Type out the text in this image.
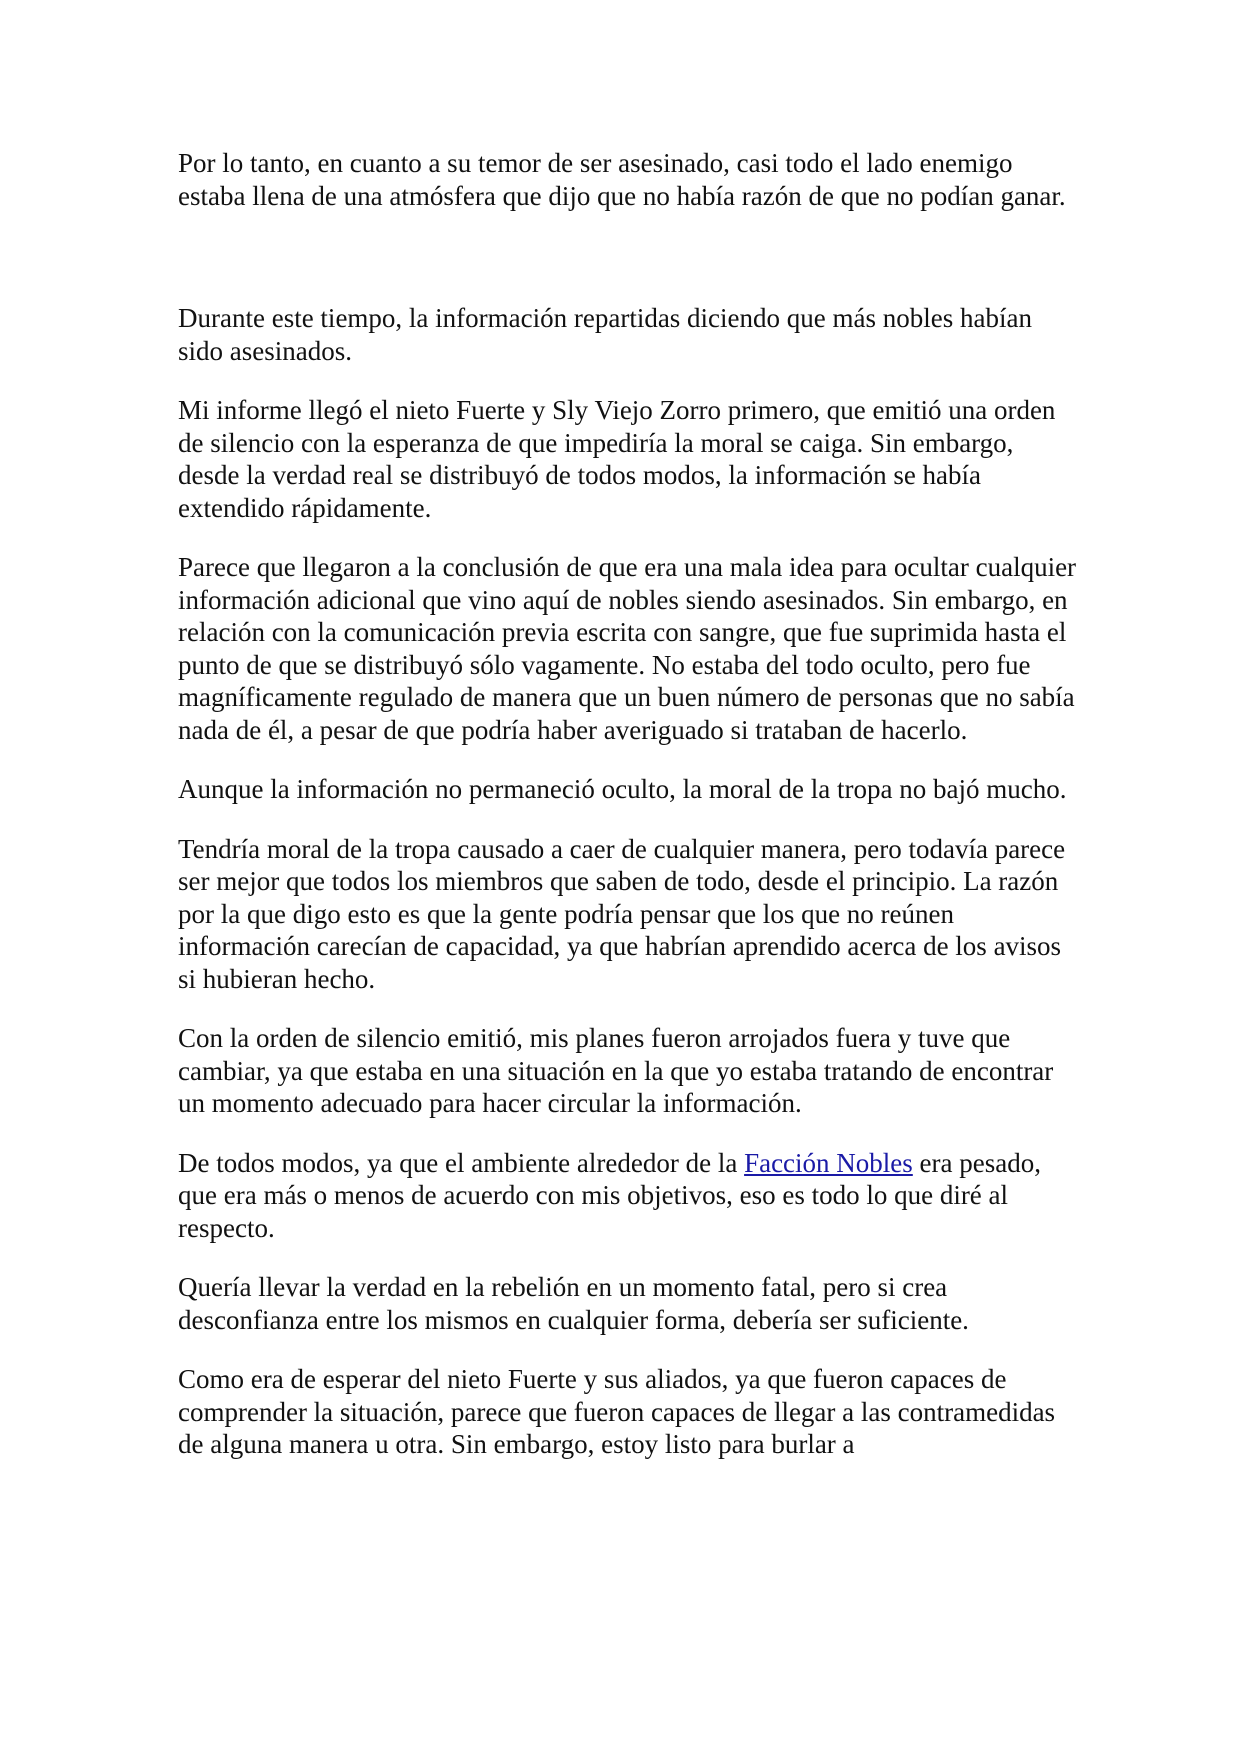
Por lo tanto, en cuanto a su temor de ser asesinado, casi todo el lado enemigo estaba llena de una atmósfera que dijo que no había razón de que no podían ganar.

Durante este tiempo, la información repartidas diciendo que más nobles habían sido asesinados.

Mi informe llegó el nieto Fuerte y Sly Viejo Zorro primero, que emitió una orden de silencio con la esperanza de que impediría la moral se caiga. Sin embargo, desde la verdad real se distribuyó de todos modos, la información se había extendido rápidamente.

Parece que llegaron a la conclusión de que era una mala idea para ocultar cualquier información adicional que vino aquí de nobles siendo asesinados. Sin embargo, en relación con la comunicación previa escrita con sangre, que fue suprimida hasta el punto de que se distribuyó sólo vagamente. No estaba del todo oculto, pero fue magníficamente regulado de manera que un buen número de personas que no sabía nada de él, a pesar de que podría haber averiguado si trataban de hacerlo.

Aunque la información no permaneció oculto, la moral de la tropa no bajó mucho.

Tendría moral de la tropa causado a caer de cualquier manera, pero todavía parece ser mejor que todos los miembros que saben de todo, desde el principio. La razón por la que digo esto es que la gente podría pensar que los que no reúnen información carecían de capacidad, ya que habrían aprendido acerca de los avisos si hubieran hecho.

Con la orden de silencio emitió, mis planes fueron arrojados fuera y tuve que cambiar, ya que estaba en una situación en la que yo estaba tratando de encontrar un momento adecuado para hacer circular la información.

De todos modos, ya que el ambiente alrededor de la Facción Nobles era pesado, que era más o menos de acuerdo con mis objetivos, eso es todo lo que diré al respecto.

Quería llevar la verdad en la rebelión en un momento fatal, pero si crea desconfianza entre los mismos en cualquier forma, debería ser suficiente.

Como era de esperar del nieto Fuerte y sus aliados, ya que fueron capaces de comprender la situación, parece que fueron capaces de llegar a las contramedidas de alguna manera u otra. Sin embargo, estoy listo para burlar a
